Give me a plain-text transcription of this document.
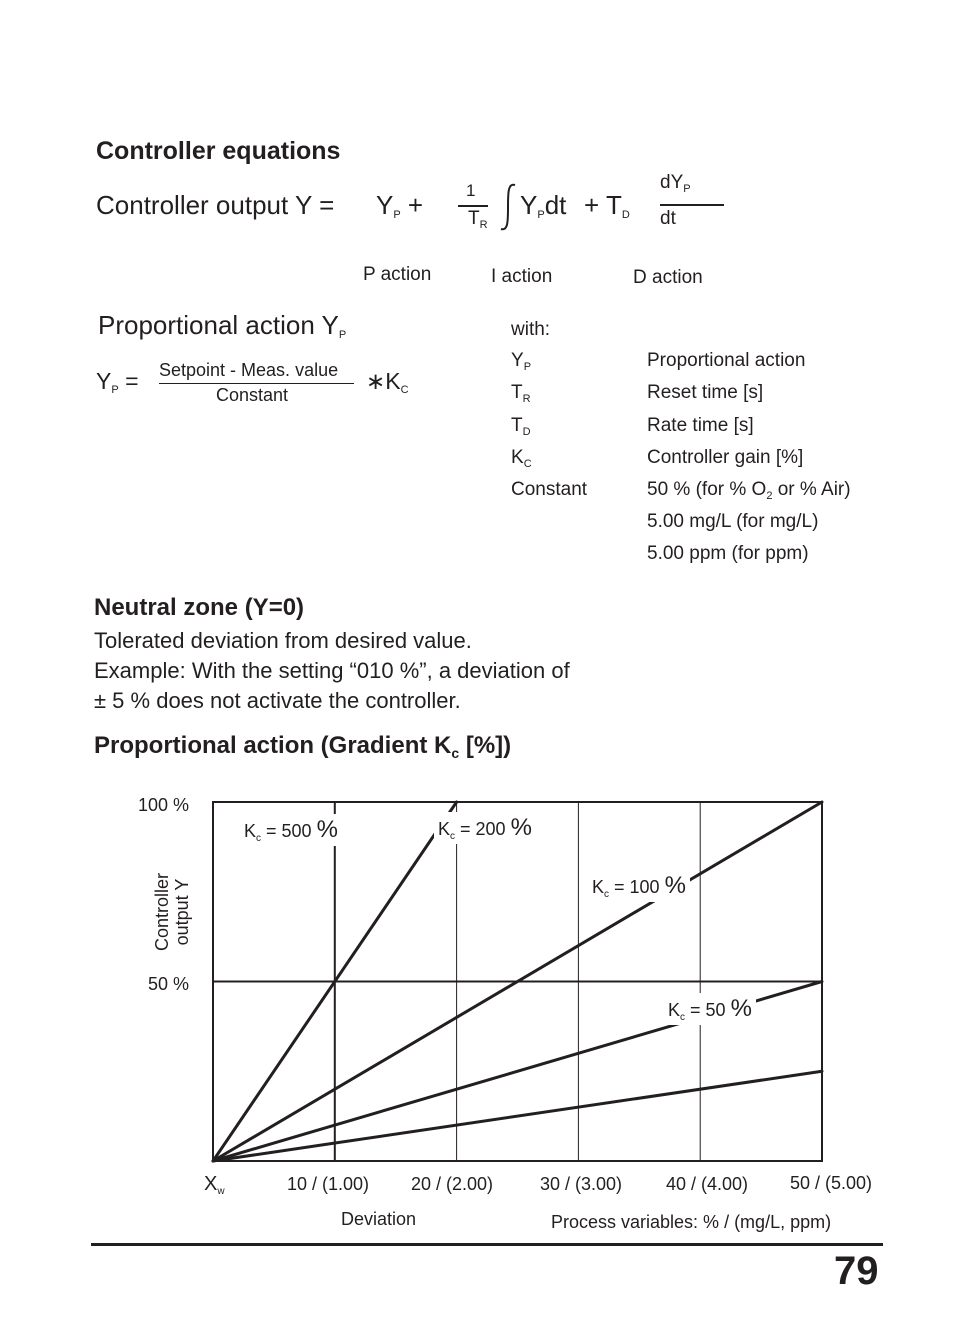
Controller equations
Controller output $Y = Y_P$ +	1
$T_R$
$Y_Pdt + T_D$
$dY_P$
dt
P action	I action	D action
Proportional action $Y_P$
$Y_P$ = Setpoint - Meas. value
Constant
$∗K_C$
with:
$Y_P$	Proportional action
$T_R$	Reset time [s]
$T_D$	Rate time [s]
$K_C$	Controller gain [%]
Constant	50 % (for % $O_2$ or % Air)
5.00 mg/L (for mg/L)
5.00 ppm (for ppm)
Neutral zone (Y=0)
Tolerated deviation from desired value.
Example: With the setting “010 %”, a deviation of
± 5 % does not activate the controller.
Proportional action (Gradient $K_c$ [%])
100 %
50 %
Controller output Y
$K_c = 500$ %	$K_c = 200$ %
$K_c = 100$ %
$K_c = 50$ %
$X_w$	10 / (1.00) 20 / (2.00)	30 / (3.00) 40 / (4.00) 50 / (5.00)
Deviation	Process variables: % / (mg/L, ppm)
79
